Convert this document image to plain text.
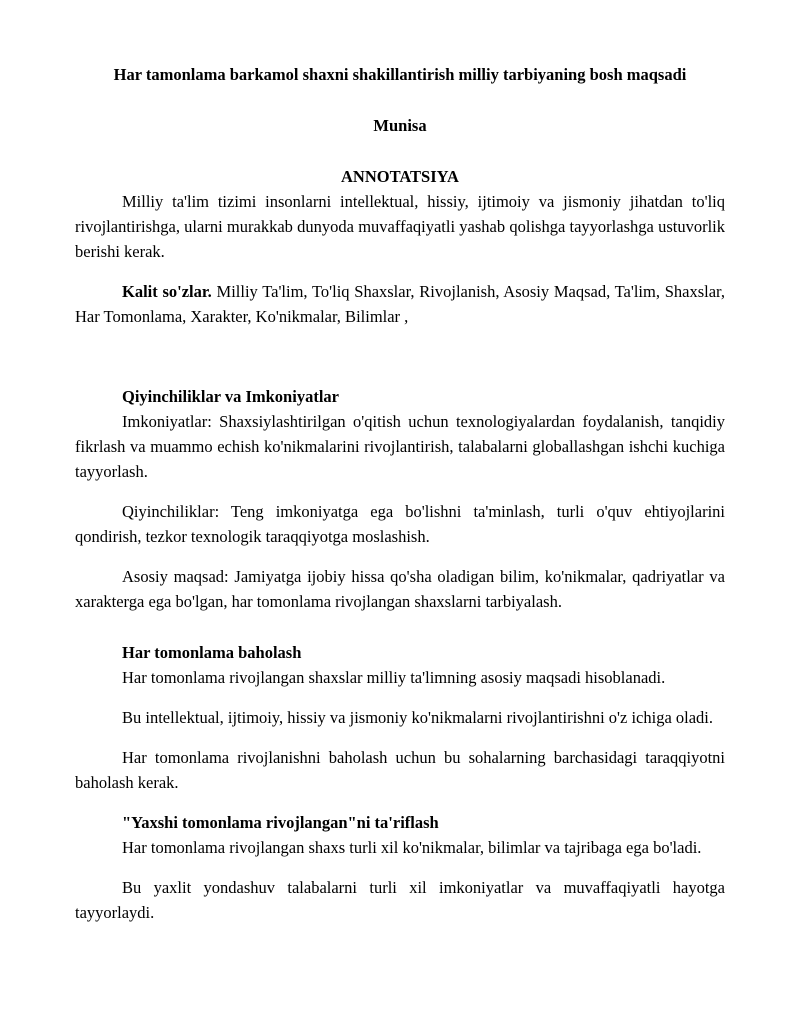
Har tamonlama barkamol shaxni shakillantirish milliy tarbiyaning bosh maqsadi
Munisa
ANNOTATSIYA

Milliy ta'lim tizimi insonlarni intellektual, hissiy, ijtimoiy va jismoniy jihatdan to'liq rivojlantirishga, ularni murakkab dunyoda muvaffaqiyatli yashab qolishga tayyorlashga ustuvorlik berishi kerak.

Kalit so'zlar. Milliy Ta'lim, To'liq Shaxslar, Rivojlanish, Asosiy Maqsad, Ta'lim, Shaxslar, Har Tomonlama, Xarakter, Ko'nikmalar, Bilimlar ,

Qiyinchiliklar va Imkoniyatlar

Imkoniyatlar: Shaxsiylashtirilgan o'qitish uchun texnologiyalardan foydalanish, tanqidiy fikrlash va muammo echish ko'nikmalarini rivojlantirish, talabalarni globallashgan ishchi kuchiga tayyorlash.

Qiyinchiliklar: Teng imkoniyatga ega bo'lishni ta'minlash, turli o'quv ehtiyojlarini qondirish, tezkor texnologik taraqqiyotga moslashish.

Asosiy maqsad: Jamiyatga ijobiy hissa qo'sha oladigan bilim, ko'nikmalar, qadriyatlar va xarakterga ega bo'lgan, har tomonlama rivojlangan shaxslarni tarbiyalash.

Har tomonlama baholash

Har tomonlama rivojlangan shaxslar milliy ta'limning asosiy maqsadi hisoblanadi.

Bu intellektual, ijtimoiy, hissiy va jismoniy ko'nikmalarni rivojlantirishni o'z ichiga oladi.

Har tomonlama rivojlanishni baholash uchun bu sohalarning barchasidagi taraqqiyotni baholash kerak.

"Yaxshi tomonlama rivojlangan"ni ta'riflash

Har tomonlama rivojlangan shaxs turli xil ko'nikmalar, bilimlar va tajribaga ega bo'ladi.

Bu yaxlit yondashuv talabalarni turli xil imkoniyatlar va muvaffaqiyatli hayotga tayyorlaydi.
